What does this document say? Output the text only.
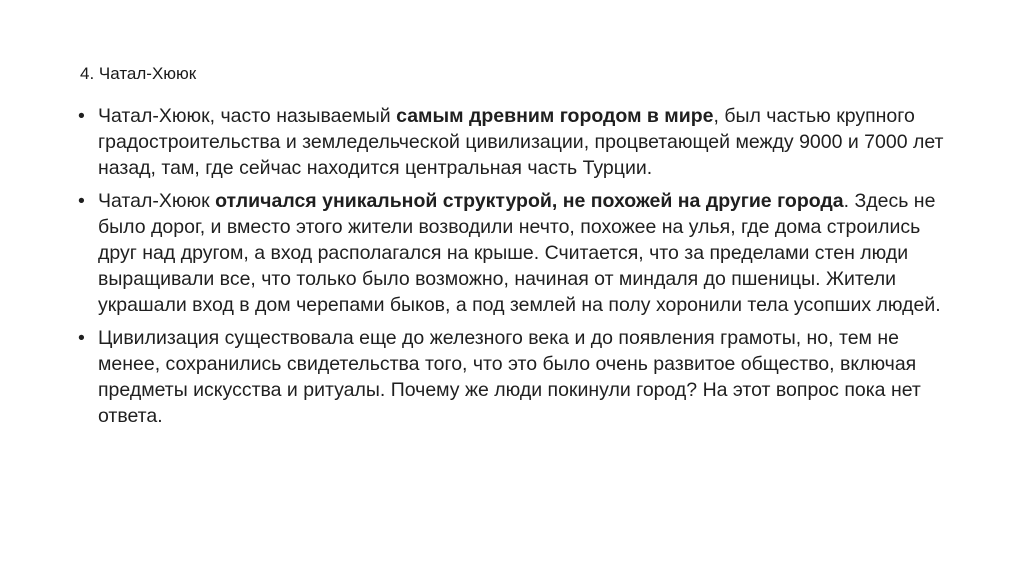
4. Чатал-Хююк
• Чатал-Хююк, часто называемый самым древним городом в мире, был частью крупного градостроительства и земледельческой цивилизации, процветающей между 9000 и 7000 лет назад, там, где сейчас находится центральная часть Турции.
• Чатал-Хююк отличался уникальной структурой, не похожей на другие города. Здесь не было дорог, и вместо этого жители возводили нечто, похожее на улья, где дома строились друг над другом, а вход располагался на крыше. Считается, что за пределами стен люди выращивали все, что только было возможно, начиная от миндаля до пшеницы. Жители украшали вход в дом черепами быков, а под землей на полу хоронили тела усопших людей.
• Цивилизация существовала еще до железного века и до появления грамоты, но, тем не менее, сохранились свидетельства того, что это было очень развитое общество, включая предметы искусства и ритуалы. Почему же люди покинули город? На этот вопрос пока нет ответа.
